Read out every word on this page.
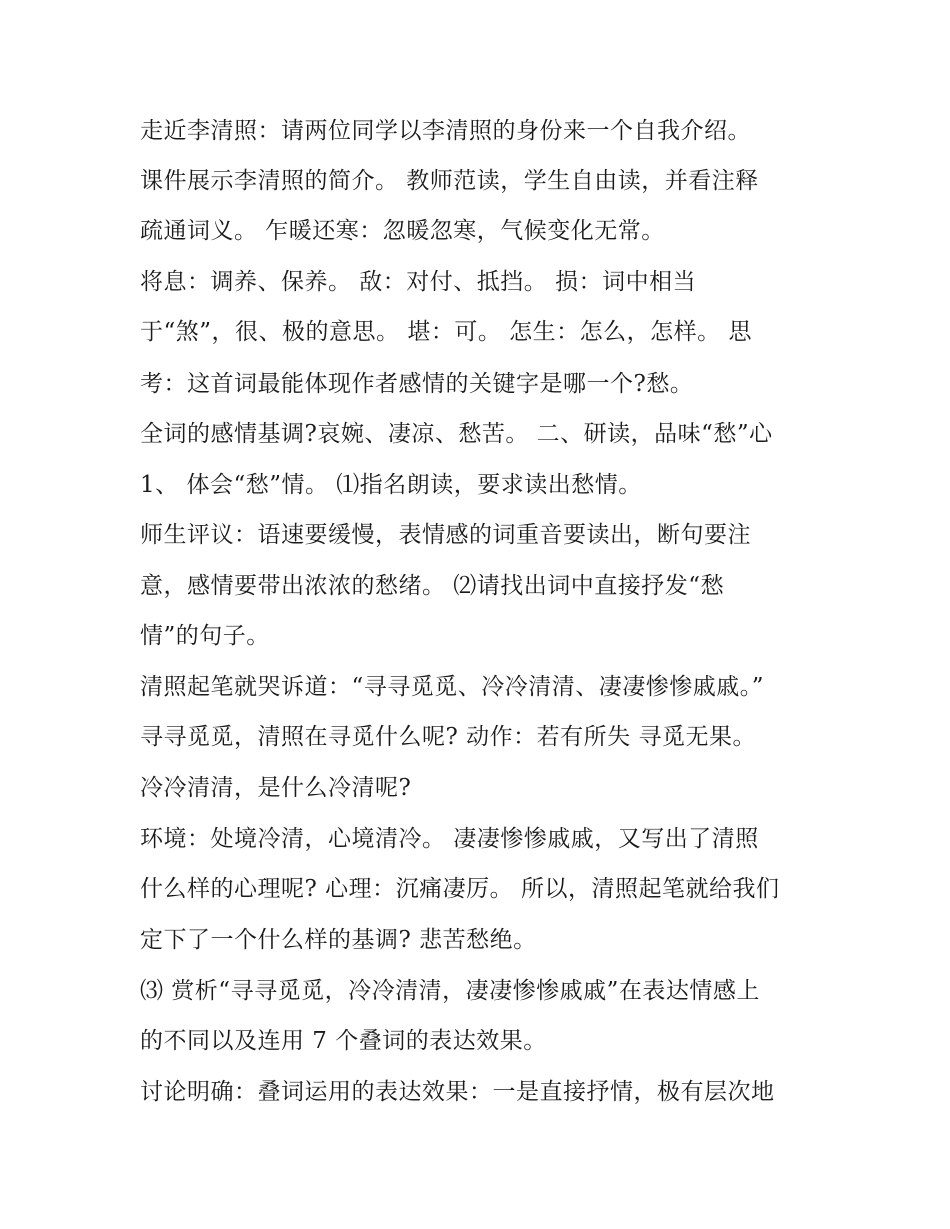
走近李清照：请两位同学以李清照的身份来一个自我介绍。
课件展示李清照的简介。 教师范读，学生自由读，并看注释
疏通词义。 乍暖还寒：忽暖忽寒，气候变化无常。
将息：调养、保养。 敌：对付、抵挡。 损：词中相当
于“煞”，很、极的意思。 堪：可。 怎生：怎么，怎样。 思
考：这首词最能体现作者感情的关键字是哪一个?愁。
全词的感情基调?哀婉、凄凉、愁苦。 二、研读，品味“愁”心
1、 体会“愁”情。 ⑴指名朗读，要求读出愁情。
师生评议：语速要缓慢，表情感的词重音要读出，断句要注
意，感情要带出浓浓的愁绪。 ⑵请找出词中直接抒发“愁
情”的句子。
清照起笔就哭诉道：“寻寻觅觅、冷冷清清、凄凄惨惨戚戚。”
寻寻觅觅，清照在寻觅什么呢? 动作：若有所失 寻觅无果。
冷冷清清，是什么冷清呢?
环境：处境冷清，心境清冷。 凄凄惨惨戚戚，又写出了清照
什么样的心理呢? 心理：沉痛凄厉。 所以，清照起笔就给我们
定下了一个什么样的基调? 悲苦愁绝。
⑶ 赏析“寻寻觅觅，冷冷清清，凄凄惨惨戚戚”在表达情感上
的不同以及连用 7 个叠词的表达效果。
讨论明确：叠词运用的表达效果：一是直接抒情，极有层次地
